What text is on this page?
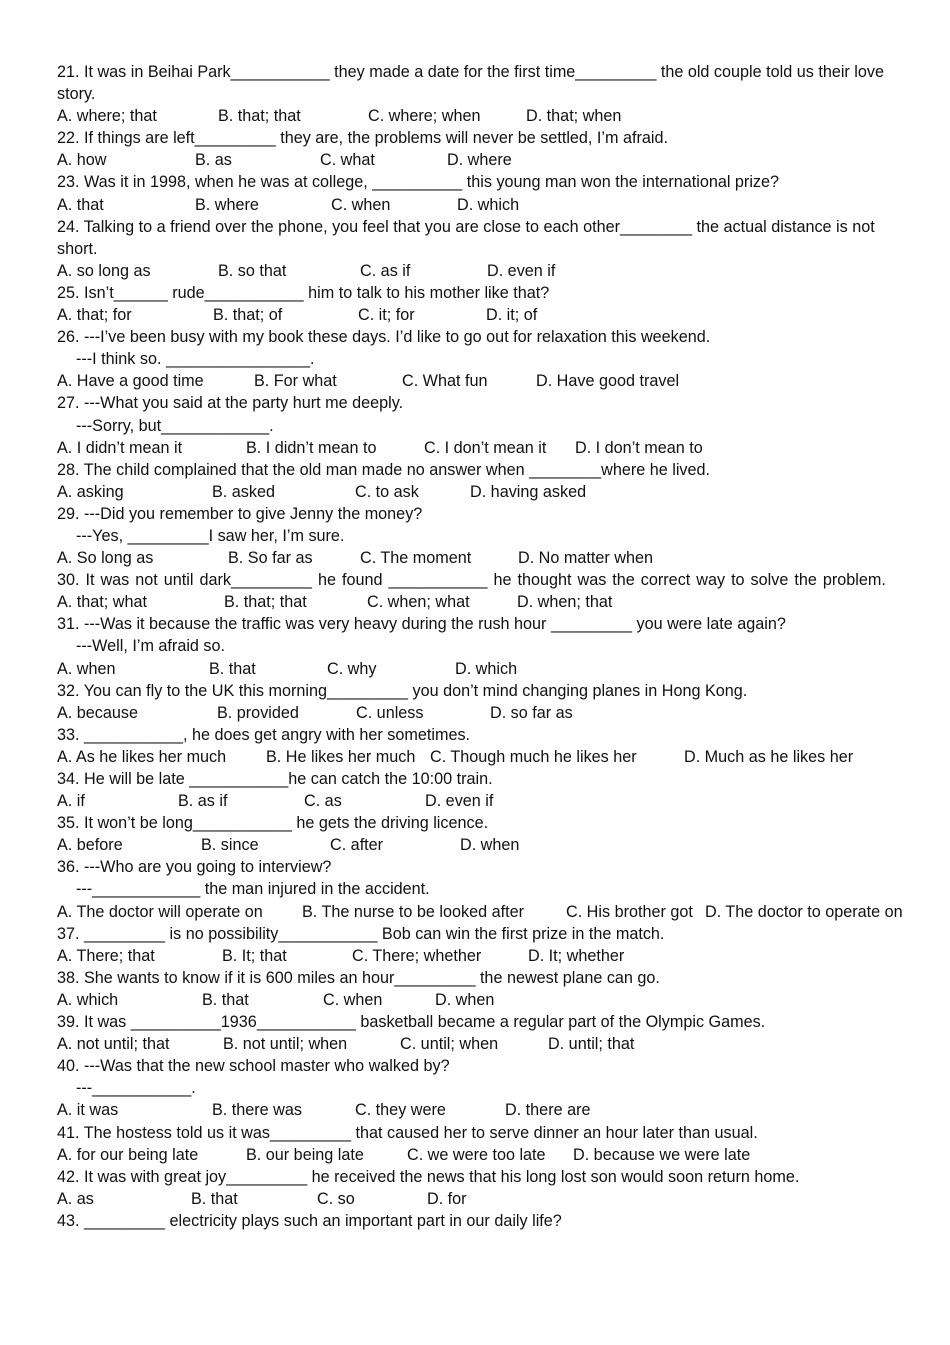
21. It was in Beihai Park___________ they made a date for the first time_________ the old couple told us their love story.
A. where; that	B. that; that	C. where; when	D. that; when
22. If things are left_________ they are, the problems will never be settled, I’m afraid.
A. how	B. as	C. what	D. where
23. Was it in 1998, when he was at college, __________ this young man won the international prize?
A. that	B. where	C. when	D. which
24. Talking to a friend over the phone, you feel that you are close to each other________ the actual distance is not short.
A. so long as	B. so that	C. as if	D. even if
25. Isn’t______ rude___________ him to talk to his mother like that?
A. that; for	B. that; of	C. it; for	D. it; of
26. ---I’ve been busy with my book these days. I’d like to go out for relaxation this weekend.
---I think so. ________________.
A. Have a good time	B. For what	C. What fun	D. Have good travel
27. ---What you said at the party hurt me deeply.
---Sorry, but____________.
A. I didn’t mean it	B. I didn’t mean to	C. I don’t mean it D. I don’t mean to
28. The child complained that the old man made no answer when ________where he lived.
A. asking	B. asked	C. to ask	D. having asked
29. ---Did you remember to give Jenny the money?
---Yes, _________I saw her, I’m sure.
A. So long as	B. So far as	C. The moment	D. No matter when
30. It was not until dark_________ he found ___________ he thought was the correct way to solve the problem.
A. that; what	B. that; that	C. when; what	D. when; that
31. ---Was it because the traffic was very heavy during the rush hour _________ you were late again?
---Well, I’m afraid so.
A. when	B. that	C. why	D. which
32. You can fly to the UK this morning_________ you don’t mind changing planes in Hong Kong.
A. because	B. provided	C. unless	D. so far as
33. ___________, he does get angry with her sometimes.
A. As he likes her much B. He likes her much C. Though much he likes her	D. Much as he likes her
34. He will be late ___________he can catch the 10:00 train.
A. if	B. as if	C. as	D. even if
35. It won’t be long___________ he gets the driving licence.
A. before	B. since	C. after	D. when
36. ---Who are you going to interview?
---____________ the man injured in the accident.
A. The doctor will operate on B. The nurse to be looked after	C. His brother got D. The doctor to operate on
37. _________ is no possibility___________ Bob can win the first prize in the match.
A. There; that	B. It; that	C. There; whether	D. It; whether
38. She wants to know if it is 600 miles an hour_________ the newest plane can go.
A. which	B. that	C. when	D. when
39. It was __________1936___________ basketball became a regular part of the Olympic Games.
A. not until; that	B. not until; when	C. until; when	D. until; that
40. ---Was that the new school master who walked by?
---___________.
A. it was	B. there was	C. they were	D. there are
41. The hostess told us it was_________ that caused her to serve dinner an hour later than usual.
A. for our being late	B. our being late	C. we were too late D. because we were late
42. It was with great joy_________ he received the news that his long lost son would soon return home.
A. as	B. that	C. so	D. for
43. _________ electricity plays such an important part in our daily life?
